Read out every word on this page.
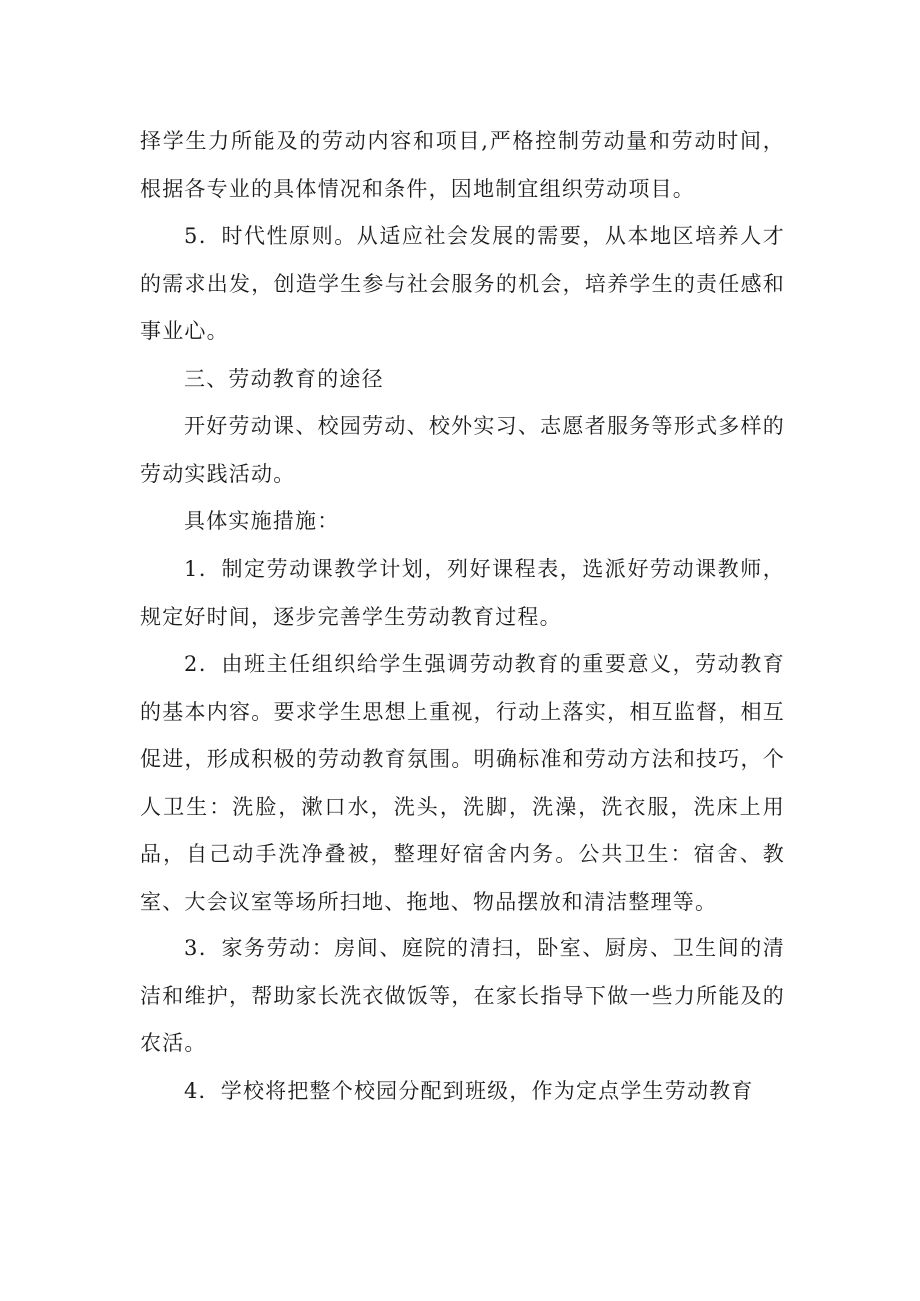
择学生力所能及的劳动内容和项目,严格控制劳动量和劳动时间，根据各专业的具体情况和条件，因地制宜组织劳动项目。

5．时代性原则。从适应社会发展的需要，从本地区培养人才的需求出发，创造学生参与社会服务的机会，培养学生的责任感和事业心。

三、劳动教育的途径

开好劳动课、校园劳动、校外实习、志愿者服务等形式多样的劳动实践活动。

具体实施措施：

1．制定劳动课教学计划，列好课程表，选派好劳动课教师，规定好时间，逐步完善学生劳动教育过程。

2．由班主任组织给学生强调劳动教育的重要意义，劳动教育的基本内容。要求学生思想上重视，行动上落实，相互监督，相互促进，形成积极的劳动教育氛围。明确标准和劳动方法和技巧，个人卫生：洗脸，漱口水，洗头，洗脚，洗澡，洗衣服，洗床上用品，自己动手洗净叠被，整理好宿舍内务。公共卫生：宿舍、教室、大会议室等场所扫地、拖地、物品摆放和清洁整理等。

3．家务劳动：房间、庭院的清扫，卧室、厨房、卫生间的清洁和维护，帮助家长洗衣做饭等，在家长指导下做一些力所能及的农活。

4．学校将把整个校园分配到班级，作为定点学生劳动教育
